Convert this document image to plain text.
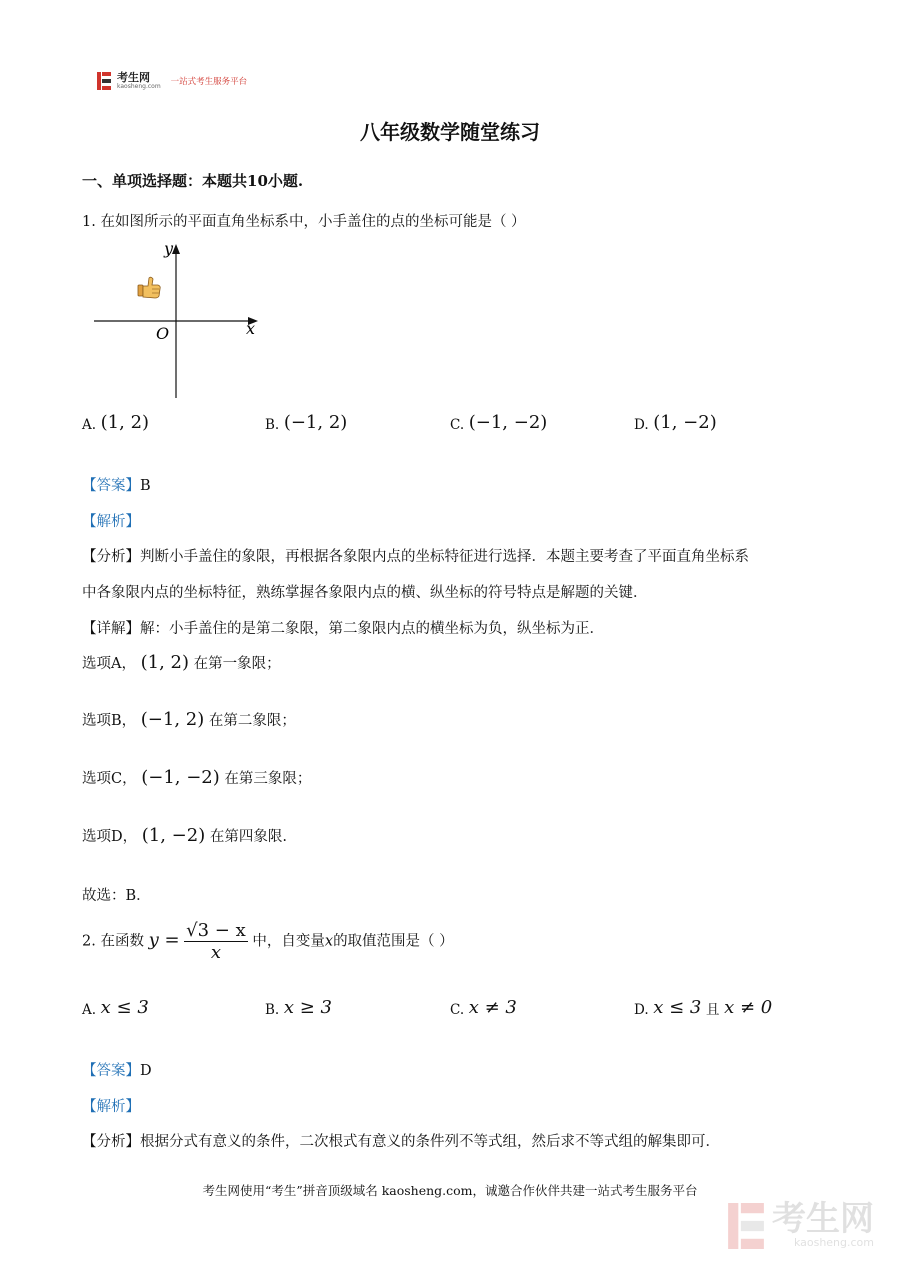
考生网
kaosheng.com 一站式考生服务平台
八年级数学随堂练习
一、单项选择题：本题共10小题.
1. 在如图所示的平面直角坐标系中，小手盖住的点的坐标可能是（ ）
y
x
O
A. (1, 2)	B. (−1, 2)	C. (−1, −2)	D. (1, −2)
【答案】B
【解析】
【分析】判断小手盖住的象限，再根据各象限内点的坐标特征进行选择．本题主要考查了平面直角坐标系
中各象限内点的坐标特征，熟练掌握各象限内点的横、纵坐标的符号特点是解题的关键．
【详解】解：小手盖住的是第二象限，第二象限内点的横坐标为负，纵坐标为正．
选项A， (1, 2) 在第一象限；
选项B， (−1, 2) 在第二象限；
选项C， (−1, −2) 在第三象限；
选项D， (1, −2) 在第四象限.
故选：B．
2. 在函数 $y = \frac{√3 - x}{x}$ 中，自变量x的取值范围是（ ）
A. x ≤ 3	B. x ≥ 3	C. x ≠ 3	D. x ≤ 3 且 x ≠ 0
【答案】D
【解析】
【分析】根据分式有意义的条件，二次根式有意义的条件列不等式组，然后求不等式组的解集即可．
考生网使用“考生”拼音顶级域名 kaosheng.com，诚邀合作伙伴共建一站式考生服务平台
考生网
kaosheng.com
